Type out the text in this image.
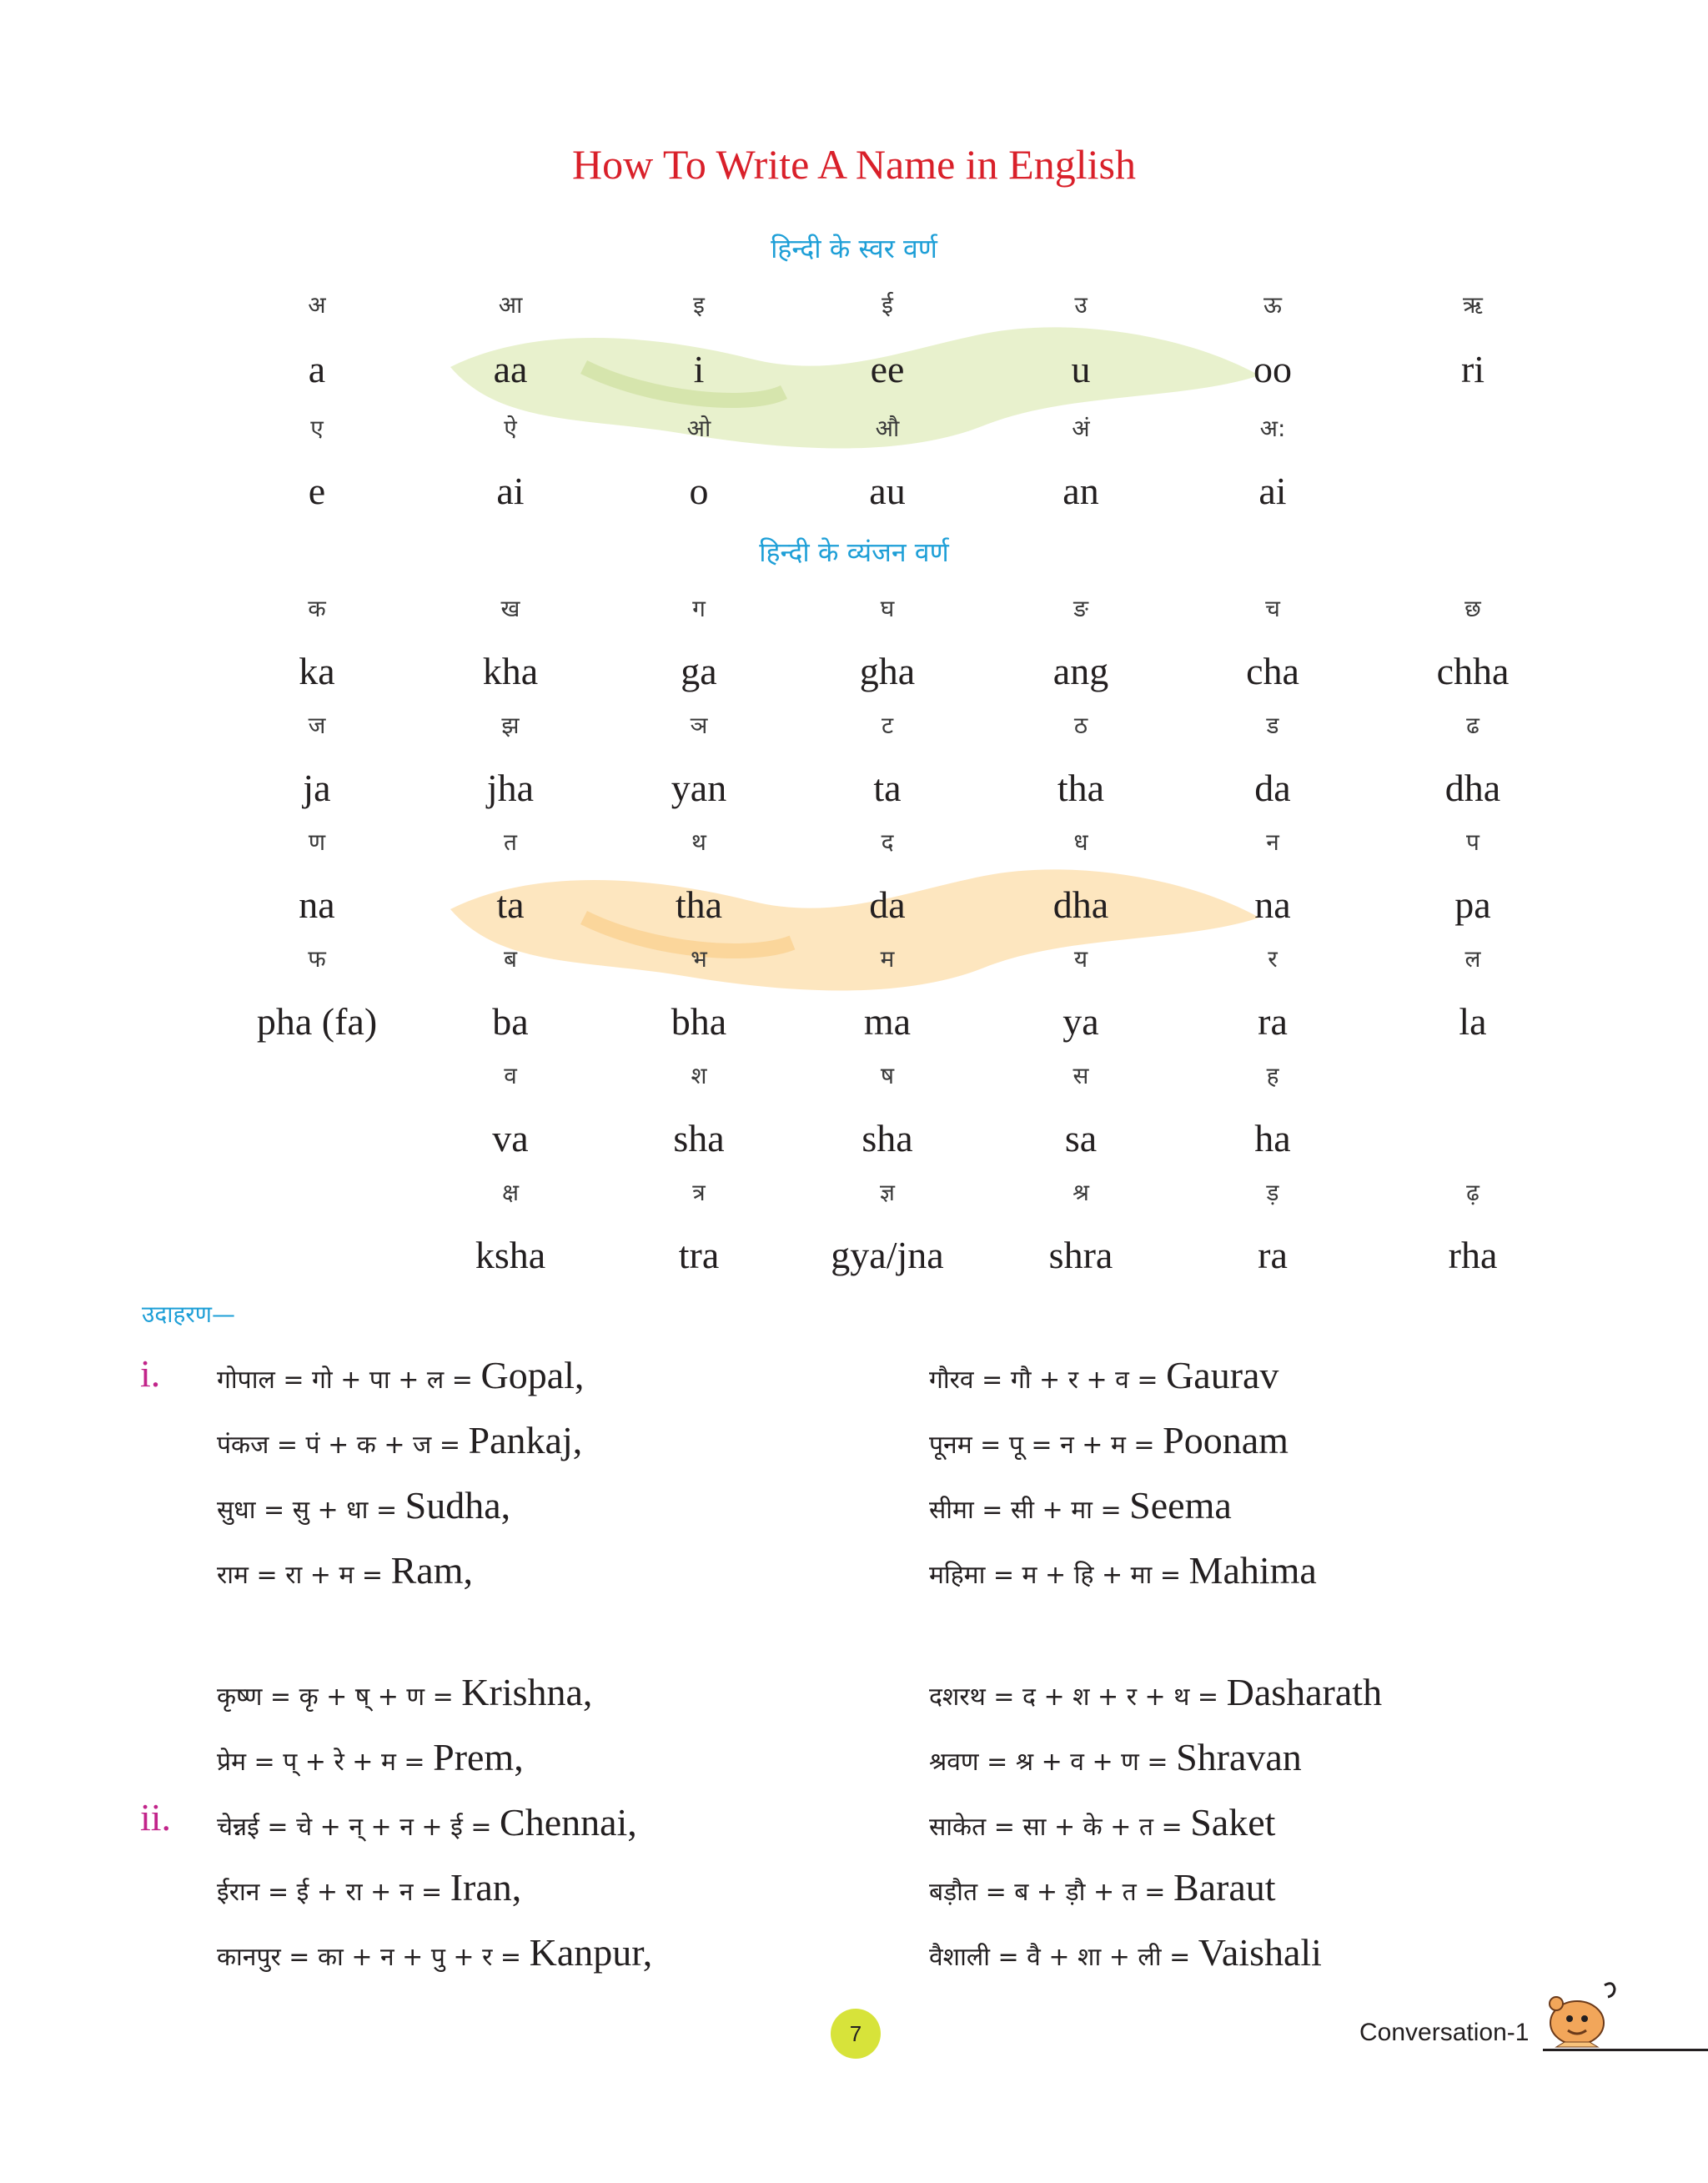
How To Write A Name in English
हिन्दी के स्वर वर्ण
हिन्दी के व्यंजन वर्ण
अ
a
आ
aa
इ
i
ई
ee
उ
u
ऊ
oo
ऋ
ri
ए
e
ऐ
ai
ओ
o
औ
au
अं
an
अ:
ai
क
ka
ख
kha
ग
ga
घ
gha
ङ
ang
च
cha
छ
chha
ज
ja
झ
jha
ञ
yan
ट
ta
ठ
tha
ड
da
ढ
dha
ण
na
त
ta
थ
tha
द
da
ध
dha
न
na
प
pa
फ
pha (fa)
ब
ba
भ
bha
म
ma
य
ya
र
ra
ल
la
व
va
श
sha
ष
sha
स
sa
ह
ha
क्ष
ksha
त्र
tra
ज्ञ
gya/jna
श्र
shra
ड़
ra
ढ़
rha
उदाहरण—
i.
ii.
गोपाल = गो + पा + ल = Gopal,
पंकज = पं + क + ज = Pankaj,
सुधा = सु + धा = Sudha,
राम = रा + म = Ram,
कृष्ण = कृ + ष् + ण = Krishna,
प्रेम = प् + रे + म = Prem,
चेन्नई = चे + न् + न + ई = Chennai,
ईरान = ई + रा + न = Iran,
कानपुर = का + न + पु + र = Kanpur,
गौरव = गौ + र + व = Gaurav
पूनम = पू = न + म = Poonam
सीमा = सी + मा = Seema
महिमा = म + हि + मा = Mahima
दशरथ = द + श + र + थ = Dasharath
श्रवण = श्र + व + ण = Shravan
साकेत = सा + के + त = Saket
बड़ौत = ब + ड़ौ + त = Baraut
वैशाली = वै + शा + ली = Vaishali
7	Conversation-1
